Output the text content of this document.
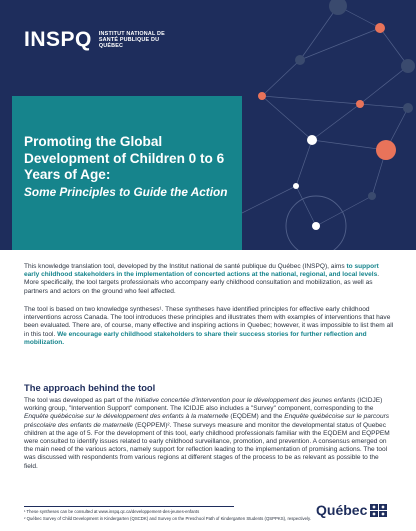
INSPQ INSTITUT NATIONAL DE SANTÉ PUBLIQUE DU QUÉBEC
Promoting the Global Development of Children 0 to 6 Years of Age:
Some Principles to Guide the Action

This knowledge translation tool, developed by the Institut national de santé publique du Québec (INSPQ), aims to support early childhood stakeholders in the implementation of concerted actions at the national, regional, and local levels. More specifically, the tool targets professionals who accompany early childhood consultation and mobilization, as well as partners and actors on the ground who feel affected.

The tool is based on two knowledge syntheses¹. These syntheses have identified principles for effective early childhood interventions across Canada. The tool introduces these principles and illustrates them with examples of interventions that have been evaluated. There are, of course, many effective and inspiring actions in Quebec; however, it was impossible to list them all in this tool. We encourage early childhood stakeholders to share their success stories for further reflection and mobilization.

The approach behind the tool

The tool was developed as part of the Initiative concertée d'intervention pour le développement des jeunes enfants (ICIDJE) working group, "Intervention Support" component. The ICIDJE also includes a "Survey" component, corresponding to the Enquête québécoise sur le développement des enfants à la maternelle (EQDEM) and the Enquête québécoise sur le parcours préscolaire des enfants de maternelle (EQPPEM)². These surveys measure and monitor the developmental status of Quebec children at the age of 5. For the development of this tool, early childhood professionals familiar with the EQDEM and EQPPEM were consulted to identify issues related to early childhood surveillance, promotion, and prevention. A consensus emerged on the main need of the various actors, namely support for reflection leading to the implementation of promising actions. The tool was discussed with respondents from various regions at different stages of the process to be as relevant as possible to the field.

¹ These syntheses can be consulted at www.inspq.qc.ca/developpement-des-jeunes-enfants

² Québec Survey of Child Development in Kindergarten (QSCDK) and Survey on the Preschool Path of Kindergarten Students (QSPPKS), respectively.

Québec
